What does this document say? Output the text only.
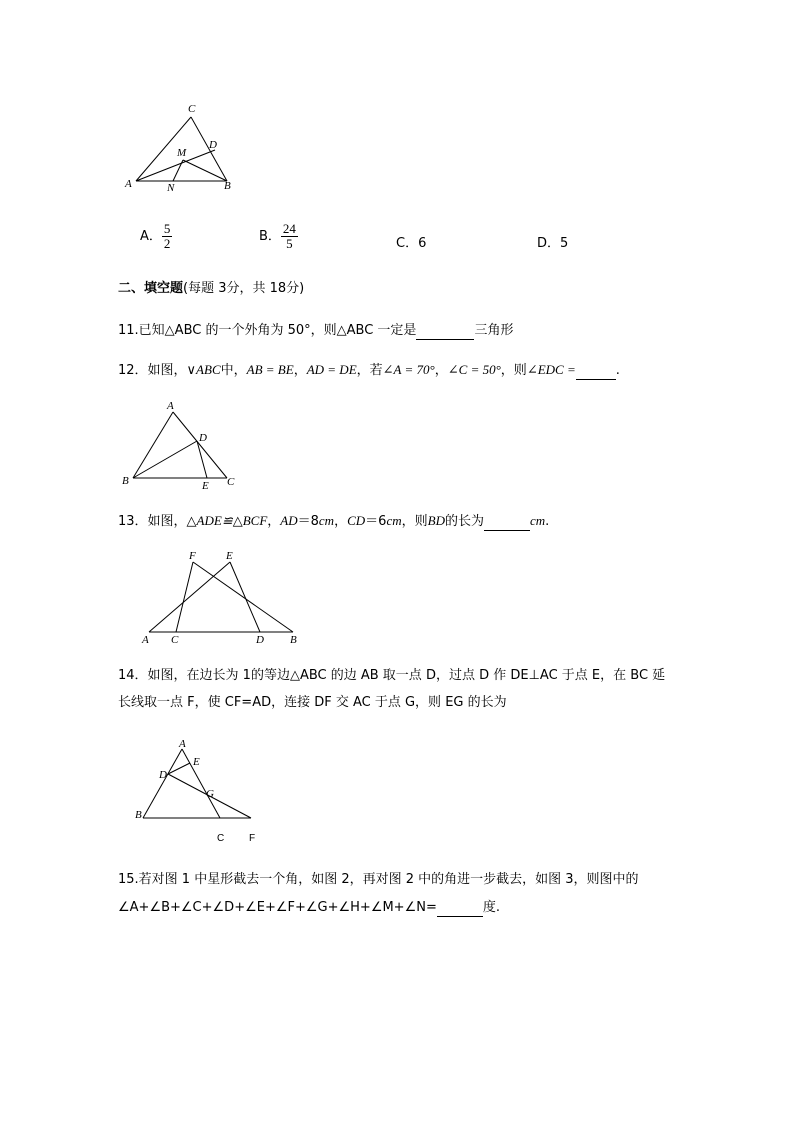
C
D
M
A	N	B
A． $\frac{5}{2}$	B． $\frac{24}{5}$	C．6	D．5
二、填空题(每题 3分，共 18分)
11.已知△ABC 的一个外角为 50°，则△ABC 一定是	三角形
12．如图，∨ABC中，AB = BE，AD = DE，若∠A = 70°，∠C = 50°，则∠EDC =	.
A
D
B	E C
13．如图，△ADE≌△BCF，AD＝8cm，CD＝6cm，则BD的长为	cm.
F	E
A C	D B
14．如图，在边长为 1的等边△ABC 的边 AB 取一点 D，过点 D 作 DE⊥AC 于点 E，在 BC 延
长线取一点 F，使 CF=AD，连接 DF 交 AC 于点 G，则 EG 的长为
A
E
D
G
B
C F
15.若对图 1 中星形截去一个角，如图 2，再对图 2 中的角进一步截去，如图 3，则图中的
∠A+∠B+∠C+∠D+∠E+∠F+∠G+∠H+∠M+∠N=	度.
